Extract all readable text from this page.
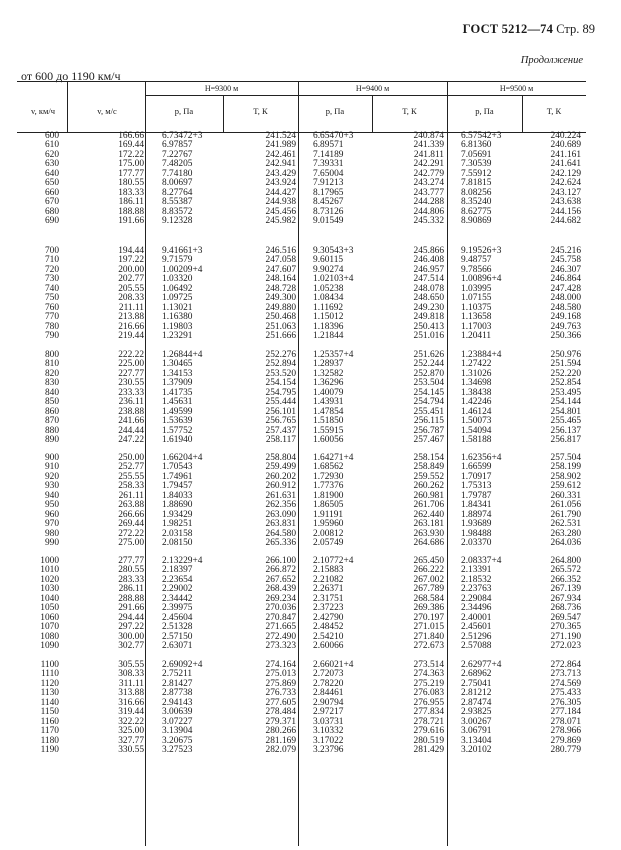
ГОСТ 5212—74 Стр. 89
Продолжение
от 600 до 1190 км/ч
v, км/ч	v, м/с
H=9300 м	H=9400 м	H=9500 м
p, Па	T, К	p, Па	T, К	p, Па	T, К
600	166.66 6.73472+3	241.524 6.65470+3	240.874 6.57542+3	240.224
610	169.44 6.97857	241.989 6.89571	241.339 6.81360	240.689
620	172.22 7.22767	242.461 7.14189	241.811 7.05691	241.161
630	175.00 7.48205	242.941 7.39331	242.291 7.30539	241.641
640	177.77 7.74180	243.429 7.65004	242.779 7.55912	242.129
650	180.55 8.00697	243.924 7.91213	243.274 7.81815	242.624
660	183.33 8.27764	244.427 8.17965	243.777 8.08256	243.127
670	186.11 8.55387	244.938 8.45267	244.288 8.35240	243.638
680	188.88 8.83572	245.456 8.73126	244.806 8.62775	244.156
690	191.66 9.12328	245.982 9.01549	245.332 8.90869	244.682
700	194.44 9.41661+3	246.516 9.30543+3	245.866 9.19526+3	245.216
710	197.22 9.71579	247.058 9.60115	246.408 9.48757	245.758
720	200.00 1.00209+4	247.607 9.90274	246.957 9.78566	246.307
730	202.77 1.03320	248.164 1.02103+4	247.514 1.00896+4	246.864
740	205.55 1.06492	248.728 1.05238	248.078 1.03995	247.428
750	208.33 1.09725	249.300 1.08434	248.650 1.07155	248.000
760	211.11 1.13021	249.880 1.11692	249.230 1.10375	248.580
770	213.88 1.16380	250.468 1.15012	249.818 1.13658	249.168
780	216.66 1.19803	251.063 1.18396	250.413 1.17003	249.763
790	219.44 1.23291	251.666 1.21844	251.016 1.20411	250.366
800	222.22 1.26844+4	252.276 1.25357+4	251.626 1.23884+4	250.976
810	225.00 1.30465	252.894 1.28937	252.244 1.27422	251.594
820	227.77 1.34153	253.520 1.32582	252.870 1.31026	252.220
830	230.55 1.37909	254.154 1.36296	253.504 1.34698	252.854
840	233.33 1.41735	254.795 1.40079	254.145 1.38438	253.495
850	236.11 1.45631	255.444 1.43931	254.794 1.42246	254.144
860	238.88 1.49599	256.101 1.47854	255.451 1.46124	254.801
870	241.66 1.53639	256.765 1.51850	256.115 1.50073	255.465
880	244.44 1.57752	257.437 1.55915	256.787 1.54094	256.137
890	247.22 1.61940	258.117 1.60056	257.467 1.58188	256.817
900	250.00 1.66204+4	258.804 1.64271+4	258.154 1.62356+4	257.504
910	252.77 1.70543	259.499 1.68562	258.849 1.66599	258.199
920	255.55 1.74961	260.202 1.72930	259.552 1.70917	258.902
930	258.33 1.79457	260.912 1.77376	260.262 1.75313	259.612
940	261.11 1.84033	261.631 1.81900	260.981 1.79787	260.331
950	263.88 1.88690	262.356 1.86505	261.706 1.84341	261.056
960	266.66 1.93429	263.090 1.91191	262.440 1.88974	261.790
970	269.44 1.98251	263.831 1.95960	263.181 1.93689	262.531
980	272.22 2.03158	264.580 2.00812	263.930 1.98488	263.280
990	275.00 2.08150	265.336 2.05749	264.686 2.03370	264.036
1000	277.77 2.13229+4	266.100 2.10772+4	265.450 2.08337+4	264.800
1010	280.55 2.18397	266.872 2.15883	266.222 2.13391	265.572
1020	283.33 2.23654	267.652 2.21082	267.002 2.18532	266.352
1030	286.11 2.29002	268.439 2.26371	267.789 2.23763	267.139
1040	288.88 2.34442	269.234 2.31751	268.584 2.29084	267.934
1050	291.66 2.39975	270.036 2.37223	269.386 2.34496	268.736
1060	294.44 2.45604	270.847 2.42790	270.197 2.40001	269.547
1070	297.22 2.51328	271.665 2.48452	271.015 2.45601	270.365
1080	300.00 2.57150	272.490 2.54210	271.840 2.51296	271.190
1090	302.77 2.63071	273.323 2.60066	272.673 2.57088	272.023
1100	305.55 2.69092+4	274.164 2.66021+4	273.514 2.62977+4	272.864
1110	308.33 2.75211	275.013 2.72073	274.363 2.68962	273.713
1120	311.11 2.81427	275.869 2.78220	275.219 2.75041	274.569
1130	313.88 2.87738	276.733 2.84461	276.083 2.81212	275.433
1140	316.66 2.94143	277.605 2.90794	276.955 2.87474	276.305
1150	319.44 3.00639	278.484 2.97217	277.834 2.93825	277.184
1160	322.22 3.07227	279.371 3.03731	278.721 3.00267	278.071
1170	325.00 3.13904	280.266 3.10332	279.616 3.06791	278.966
1180	327.77 3.20675	281.169 3.17022	280.519 3.13404	279.869
1190	330.55 3.27523	282.079 3.23796	281.429 3.20102	280.779
